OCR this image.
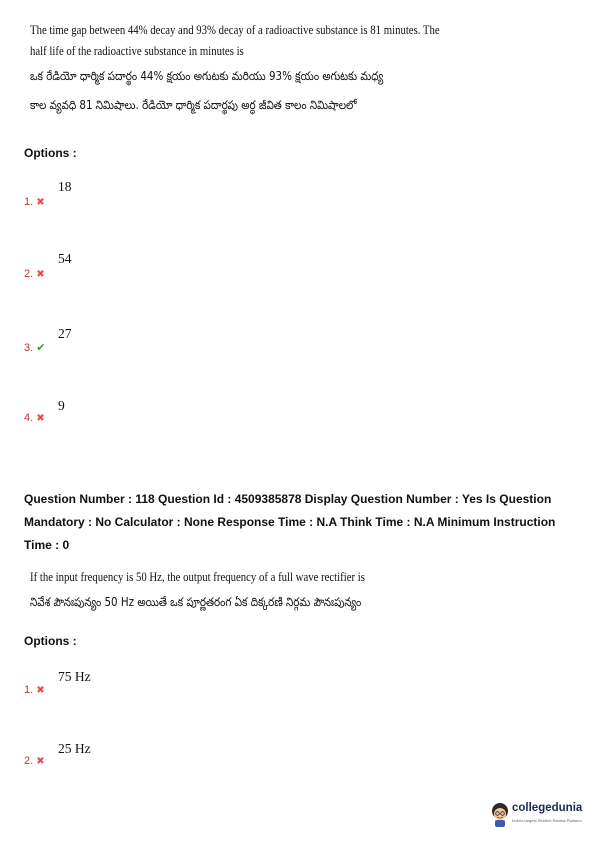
The time gap between 44% decay and 93% decay of a radioactive substance is 81 minutes. The
half life of the radioactive substance in minutes is
ఒక రేడియో ధార్మిక పదార్థం 44% క్షయం అగుటకు మరియు 93% క్షయం అగుటకు మధ్య
కాల వ్యవధి 81 నిమిషాలు. రేడియో ధార్మిక పదార్థపు అర్ధ జీవిత కాలం నిమిషాలలో
Options :
18
1. ✖
54
2. ✖
27
3. ✔
9
4. ✖
Question Number : 118 Question Id : 4509385878 Display Question Number : Yes Is Question
Mandatory : No Calculator : None Response Time : N.A Think Time : N.A Minimum Instruction
Time : 0
If the input frequency is 50 Hz, the output frequency of a full wave rectifier is
నివేశ పౌనఃపున్యం 50 Hz అయితే ఒక పూర్ణతరంగ ఏక దిక్కరణి నిర్గమ పౌనఃపున్యం
Options :
75 Hz
1. ✖
25 Hz
2. ✖
collegedunia
India's largest Student Review Platform
